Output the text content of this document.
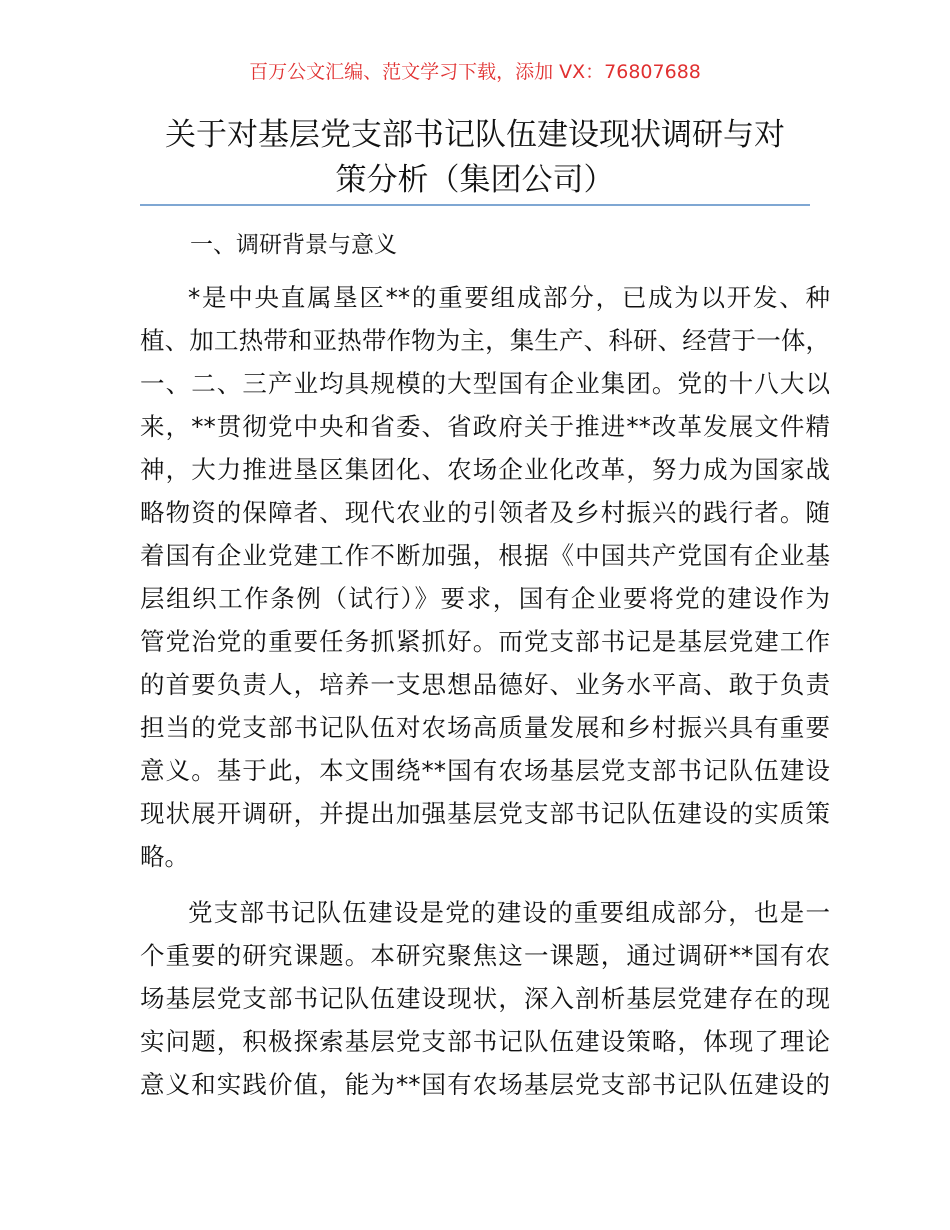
百万公文汇编、范文学习下载，添加 VX：76807688
关于对基层党支部书记队伍建设现状调研与对
策分析（集团公司）
一、调研背景与意义
*是中央直属垦区**的重要组成部分，已成为以开发、种
植、加工热带和亚热带作物为主，集生产、科研、经营于一体，
一、二、三产业均具规模的大型国有企业集团。党的十八大以
来，**贯彻党中央和省委、省政府关于推进**改革发展文件精
神，大力推进垦区集团化、农场企业化改革，努力成为国家战
略物资的保障者、现代农业的引领者及乡村振兴的践行者。随
着国有企业党建工作不断加强，根据《中国共产党国有企业基
层组织工作条例（试行）》要求，国有企业要将党的建设作为
管党治党的重要任务抓紧抓好。而党支部书记是基层党建工作
的首要负责人，培养一支思想品德好、业务水平高、敢于负责
担当的党支部书记队伍对农场高质量发展和乡村振兴具有重要
意义。基于此，本文围绕**国有农场基层党支部书记队伍建设
现状展开调研，并提出加强基层党支部书记队伍建设的实质策
略。
党支部书记队伍建设是党的建设的重要组成部分，也是一
个重要的研究课题。本研究聚焦这一课题，通过调研**国有农
场基层党支部书记队伍建设现状，深入剖析基层党建存在的现
实问题，积极探索基层党支部书记队伍建设策略，体现了理论
意义和实践价值，能为**国有农场基层党支部书记队伍建设的
